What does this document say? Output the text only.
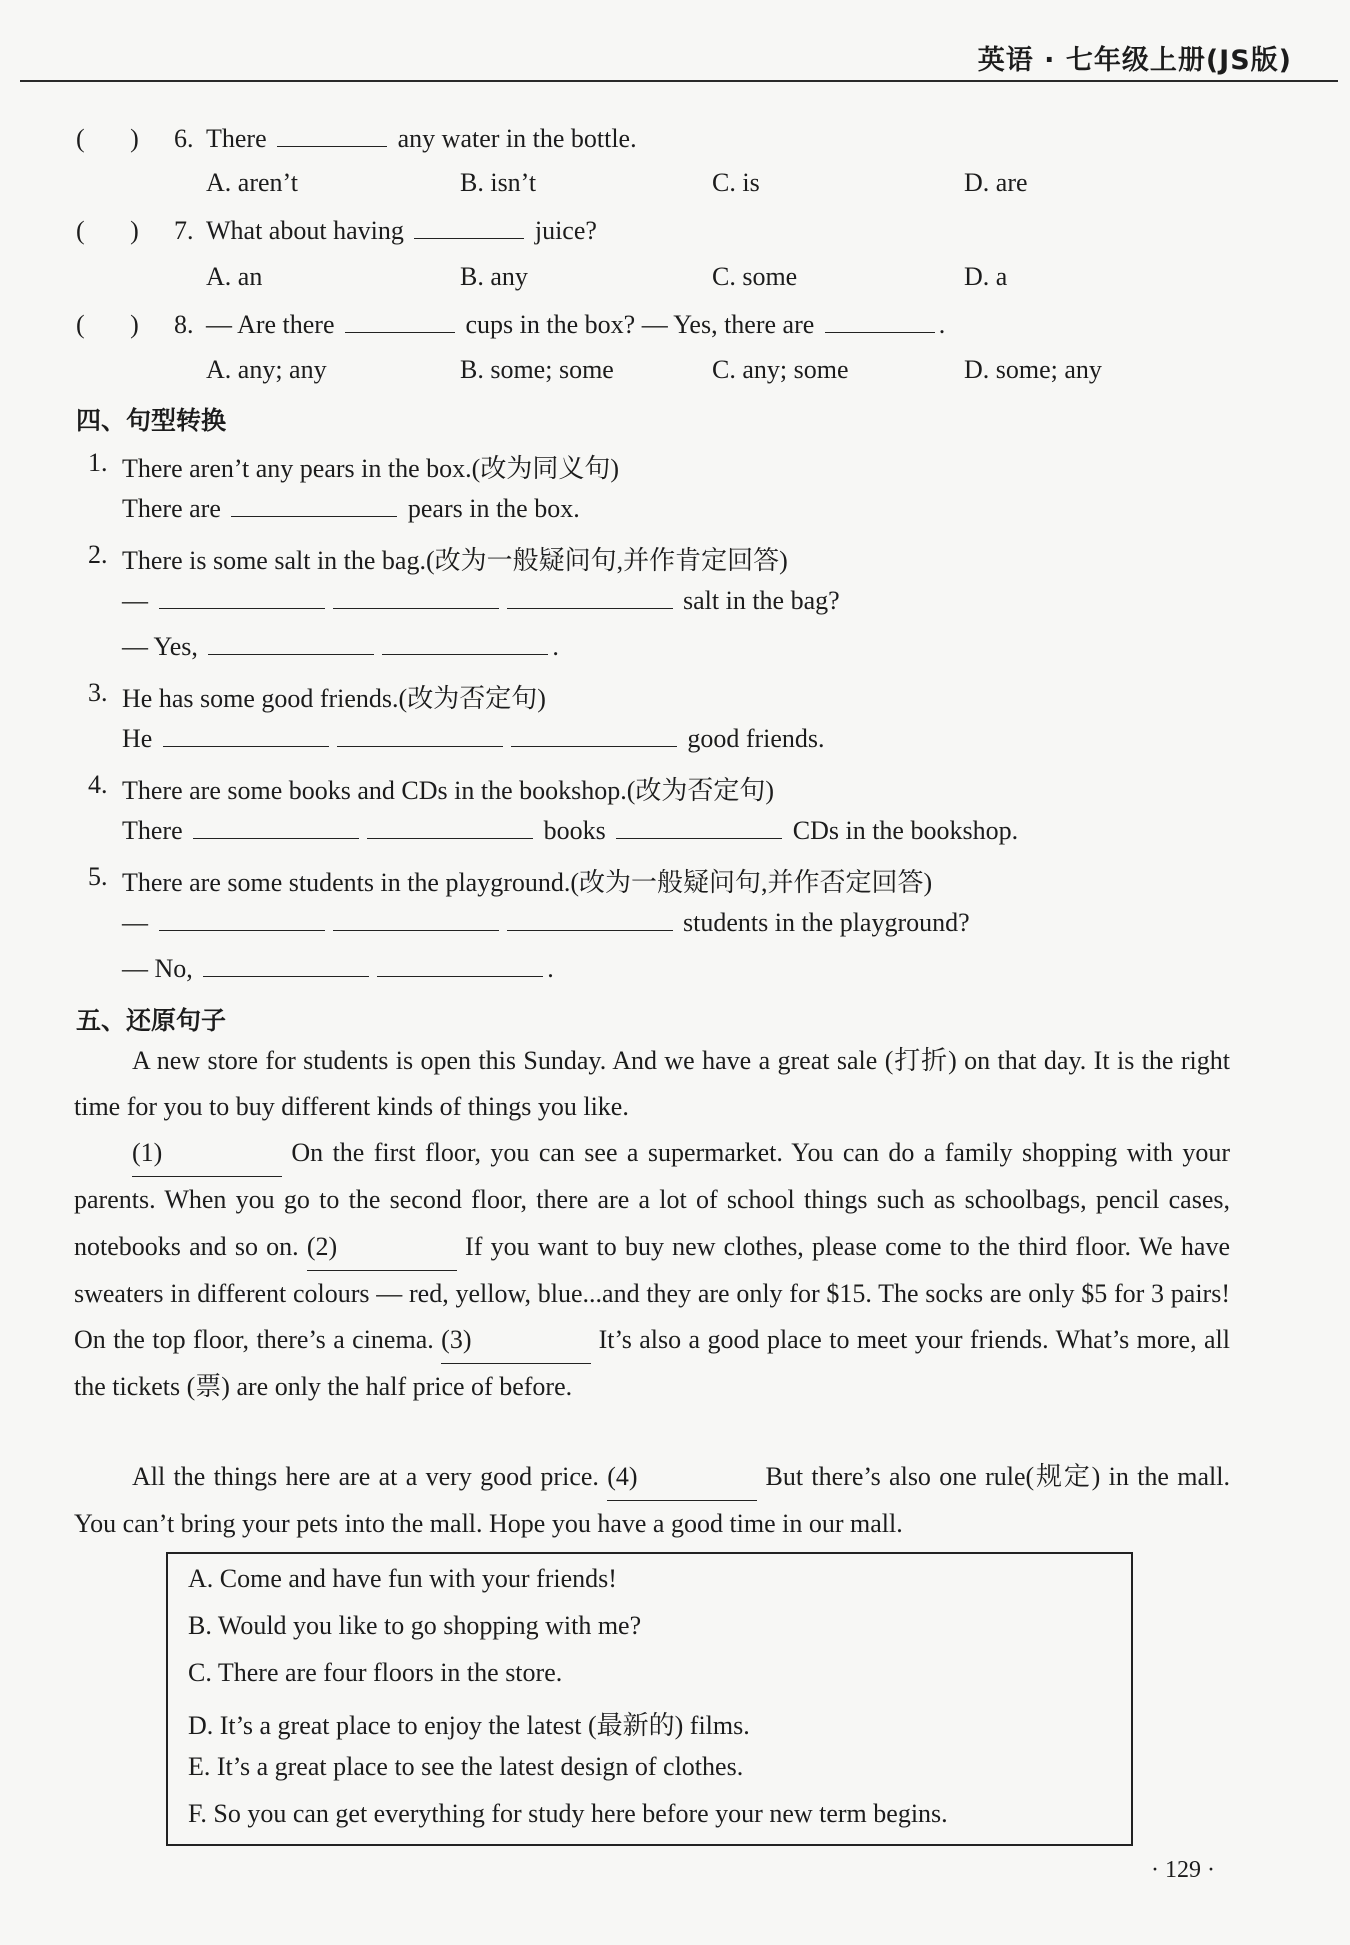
英语 · 七年级上册(JS版)
(       ) 6. There	any water in the bottle.
A. aren’t	B. isn’t	C. is	D. are
(       ) 7. What about having	juice?
A. an	B. any	C. some	D. a
(       ) 8. — Are there	cups in the box? — Yes, there are	.
A. any; any	B. some; some	C. any; some	D. some; any
四、句型转换
1. There aren’t any pears in the box.(改为同义句)
There are	pears in the box.
2. There is some salt in the bag.(改为一般疑问句,并作肯定回答)
—	salt in the bag?
— Yes,	.
3. He has some good friends.(改为否定句)
He	good friends.
4. There are some books and CDs in the bookshop.(改为否定句)
There	books	CDs in the bookshop.
5. There are some students in the playground.(改为一般疑问句,并作否定回答)
—	students in the playground?
— No,	.
五、还原句子
A new store for students is open this Sunday. And we have a great sale (打折) on that day. It is the right time for you to buy different kinds of things you like.
(1)	On the first floor, you can see a supermarket. You can do a family shopping with your parents. When you go to the second floor, there are a lot of school things such as schoolbags, pencil cases, notebooks and so on. (2)	If you want to buy new clothes, please come to the third floor. We have sweaters in different colours — red, yellow, blue...and they are only for $15. The socks are only $5 for 3 pairs! On the top floor, there’s a cinema. (3)	It’s also a good place to meet your friends. What’s more, all the tickets (票) are only the half price of before.
All the things here are at a very good price. (4)	But there’s also one rule(规定) in the mall. You can’t bring your pets into the mall. Hope you have a good time in our mall.
A. Come and have fun with your friends!
B. Would you like to go shopping with me?
C. There are four floors in the store.
D. It’s a great place to enjoy the latest (最新的) films.
E. It’s a great place to see the latest design of clothes.
F. So you can get everything for study here before your new term begins.
· 129 ·
